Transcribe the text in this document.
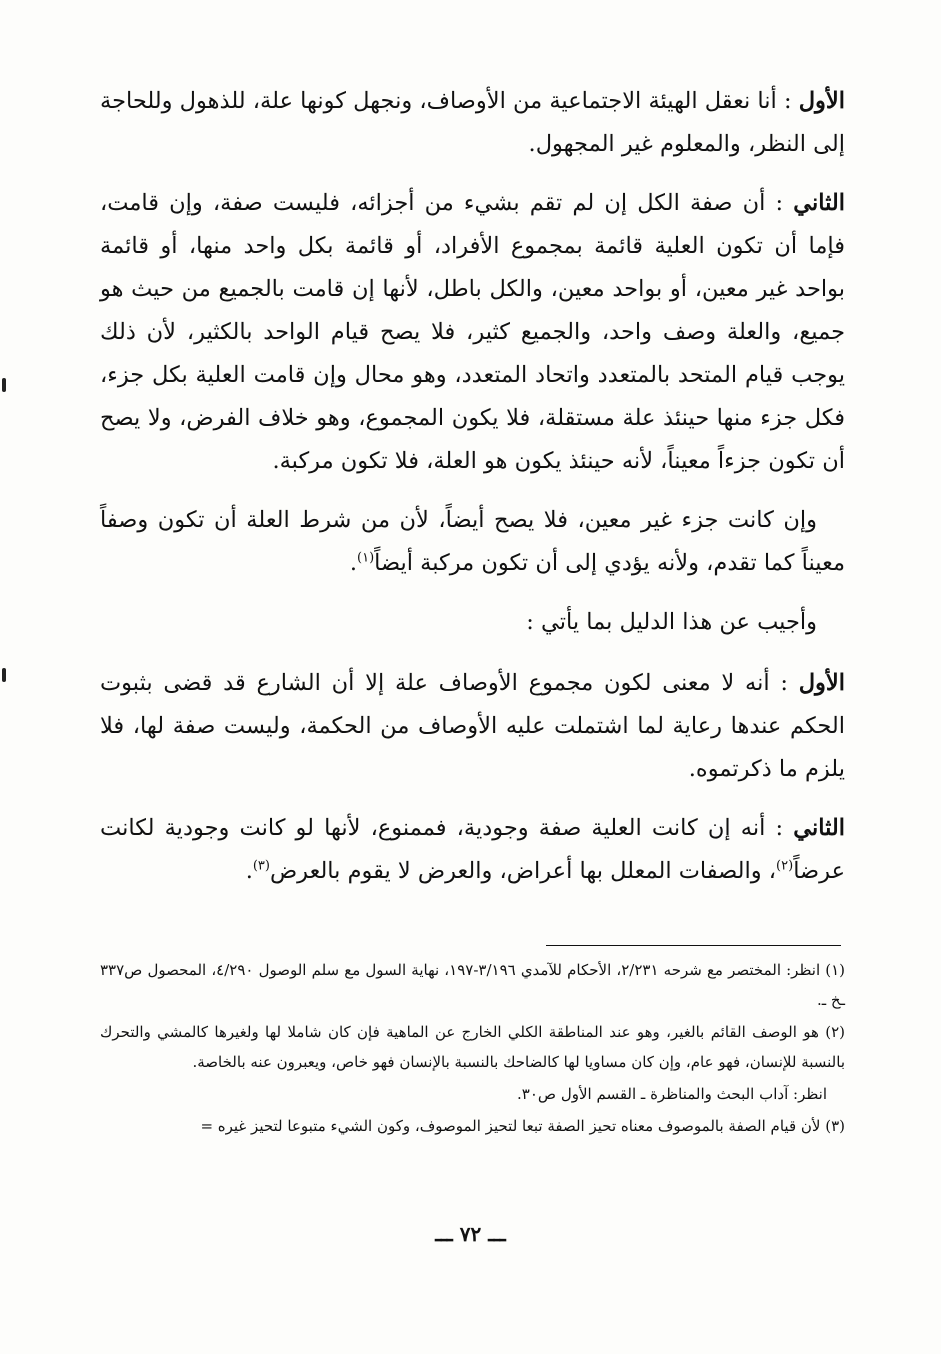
الأول : أنا نعقل الهيئة الاجتماعية من الأوصاف، ونجهل كونها علة، للذهول وللحاجة إلى النظر، والمعلوم غير المجهول.

الثاني : أن صفة الكل إن لم تقم بشيء من أجزائه، فليست صفة، وإن قامت، فإما أن تكون العلية قائمة بمجموع الأفراد، أو قائمة بكل واحد منها، أو قائمة بواحد غير معين، أو بواحد معين، والكل باطل، لأنها إن قامت بالجميع من حيث هو جميع، والعلة وصف واحد، والجميع كثير، فلا يصح قيام الواحد بالكثير، لأن ذلك يوجب قيام المتحد بالمتعدد واتحاد المتعدد، وهو محال وإن قامت العلية بكل جزء، فكل جزء منها حينئذ علة مستقلة، فلا يكون المجموع، وهو خلاف الفرض، ولا يصح أن تكون جزءاً معيناً، لأنه حينئذ يكون هو العلة، فلا تكون مركبة.

وإن كانت جزء غير معين، فلا يصح أيضاً، لأن من شرط العلة أن تكون وصفاً معيناً كما تقدم، ولأنه يؤدي إلى أن تكون مركبة أيضاً$^{(١)}$.

وأجيب عن هذا الدليل بما يأتي :

الأول : أنه لا معنى لكون مجموع الأوصاف علة إلا أن الشارع قد قضى بثبوت الحكم عندها رعاية لما اشتملت عليه الأوصاف من الحكمة، وليست صفة لها، فلا يلزم ما ذكرتموه.

الثاني : أنه إن كانت العلية صفة وجودية، فممنوع، لأنها لو كانت وجودية لكانت عرضاً$^{(٢)}$، والصفات المعلل بها أعراض، والعرض لا يقوم بالعرض$^{(٣)}$.

(١) انظر: المختصر مع شرحه ٢/٢٣١، الأحكام للآمدي ٣/١٩٦-١٩٧، نهاية السول مع سلم الوصول ٤/٢٩٠، المحصول ص٣٣٧ ـخ ـ.

(٢) هو الوصف القائم بالغير، وهو عند المناطقة الكلي الخارج عن الماهية فإن كان شاملا لها ولغيرها كالمشي والتحرك بالنسبة للإنسان، فهو عام، وإن كان مساويا لها كالضاحك بالنسبة بالإنسان فهو خاص، ويعبرون عنه بالخاصة.

انظر: آداب البحث والمناظرة ـ القسم الأول ص٣٠.

(٣) لأن قيام الصفة بالموصوف معناه تحيز الصفة تبعا لتحيز الموصوف، وكون الشيء متبوعا لتحيز غيره =

ـــ ٧٢ ـــ
